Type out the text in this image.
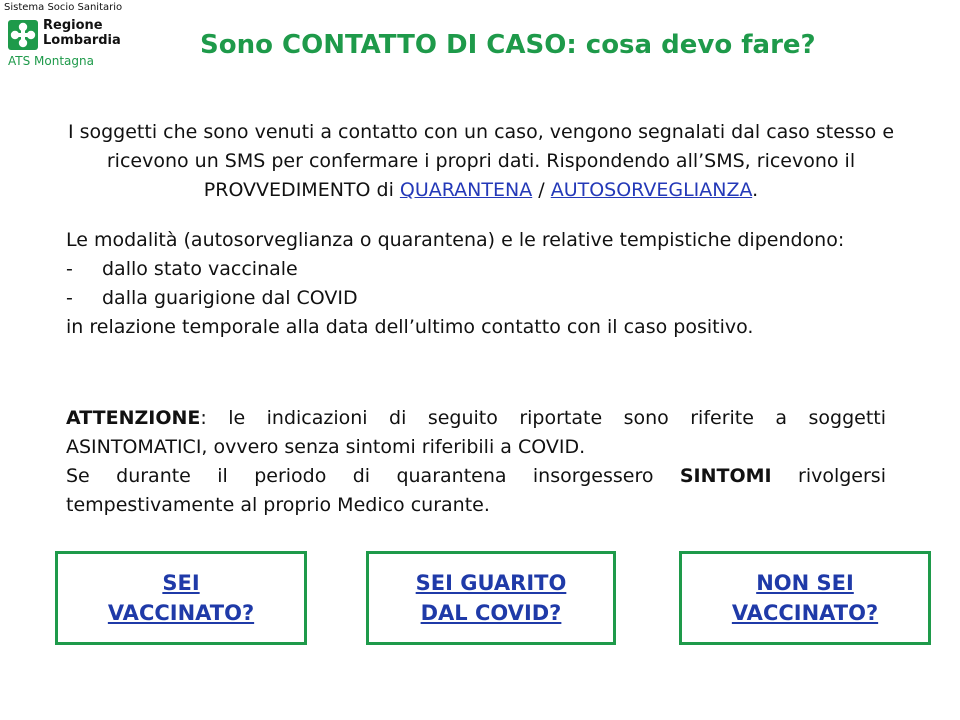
Sistema Socio Sanitario
Regione
Lombardia
ATS Montagna
Sono CONTATTO DI CASO: cosa devo fare?
I soggetti che sono venuti a contatto con un caso, vengono segnalati dal caso stesso e ricevono un SMS per confermare i propri dati. Rispondendo all’SMS, ricevono il PROVVEDIMENTO di QUARANTENA / AUTOSORVEGLIANZA.
Le modalità (autosorveglianza o quarantena) e le relative tempistiche dipendono:
- dallo stato vaccinale
- dalla guarigione dal COVID
in relazione temporale alla data dell’ultimo contatto con il caso positivo.
ATTENZIONE: le indicazioni di seguito riportate sono riferite a soggetti
ASINTOMATICI, ovvero senza sintomi riferibili a COVID.
Se durante il periodo di quarantena insorgessero SINTOMI rivolgersi
tempestivamente al proprio Medico curante.
SEI
VACCINATO?
SEI GUARITO
DAL COVID?
NON SEI
VACCINATO?
